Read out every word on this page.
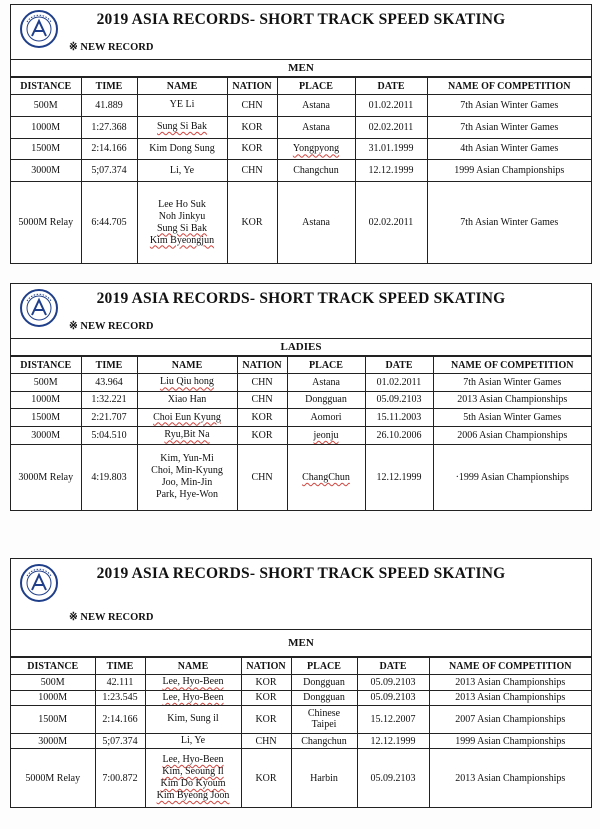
2019 ASIA RECORDS- SHORT TRACK SPEED SKATING
※ NEW RECORD
MEN
DISTANCE	TIME	NAME	NATION	PLACE	DATE	NAME OF COMPETITION
500M	41.889	YE Li	CHN	Astana	01.02.2011	7th Asian Winter Games
1000M	1:27.368	Sung Si Bak	KOR	Astana	02.02.2011	7th Asian Winter Games
1500M	2:14.166	Kim Dong Sung	KOR	Yongpyong	31.01.1999	4th Asian Winter Games
3000M	5;07.374	Li, Ye	CHN	Changchun	12.12.1999	1999 Asian Championships
5000M Relay	6:44.705	Lee Ho Suk
Noh Jinkyu
Sung Si Bak
Kim Byeongjun	KOR	Astana	02.02.2011	7th Asian Winter Games
2019 ASIA RECORDS- SHORT TRACK SPEED SKATING
※ NEW RECORD
LADIES
DISTANCE	TIME	NAME	NATION	PLACE	DATE	NAME OF COMPETITION
500M	43.964	Liu Qiu hong	CHN	Astana	01.02.2011	7th Asian Winter Games
1000M	1:32.221	Xiao Han	CHN	Dongguan	05.09.2103	2013 Asian Championships
1500M	2:21.707	Choi Eun Kyung	KOR	Aomori	15.11.2003	5th Asian Winter Games
3000M	5:04.510	Ryu,Bit Na	KOR	jeonju	26.10.2006	2006 Asian Championships
3000M Relay	4:19.803	Kim, Yun-Mi
Choi, Min-Kyung
Joo, Min-Jin
Park, Hye-Won	CHN	ChangChun	12.12.1999	·1999 Asian Championships
2019 ASIA RECORDS- SHORT TRACK SPEED SKATING
※ NEW RECORD
MEN
DISTANCE	TIME	NAME	NATION	PLACE	DATE	NAME OF COMPETITION
500M	42.111	Lee, Hyo-Been	KOR	Dongguan	05.09.2103	2013 Asian Championships
1000M	1:23.545	Lee, Hyo-Been	KOR	Dongguan	05.09.2103	2013 Asian Championships
1500M	2:14.166	Kim, Sung il	KOR	Chinese
Taipei	15.12.2007	2007 Asian Championships
3000M	5;07.374	Li, Ye	CHN	Changchun	12.12.1999	1999 Asian Championships
5000M Relay	7:00.872	Lee, Hyo-Been
Kim, Seoung Il
Kim Do Kyoum
Kim Byeong Joon	KOR	Harbin	05.09.2103	2013 Asian Championships
